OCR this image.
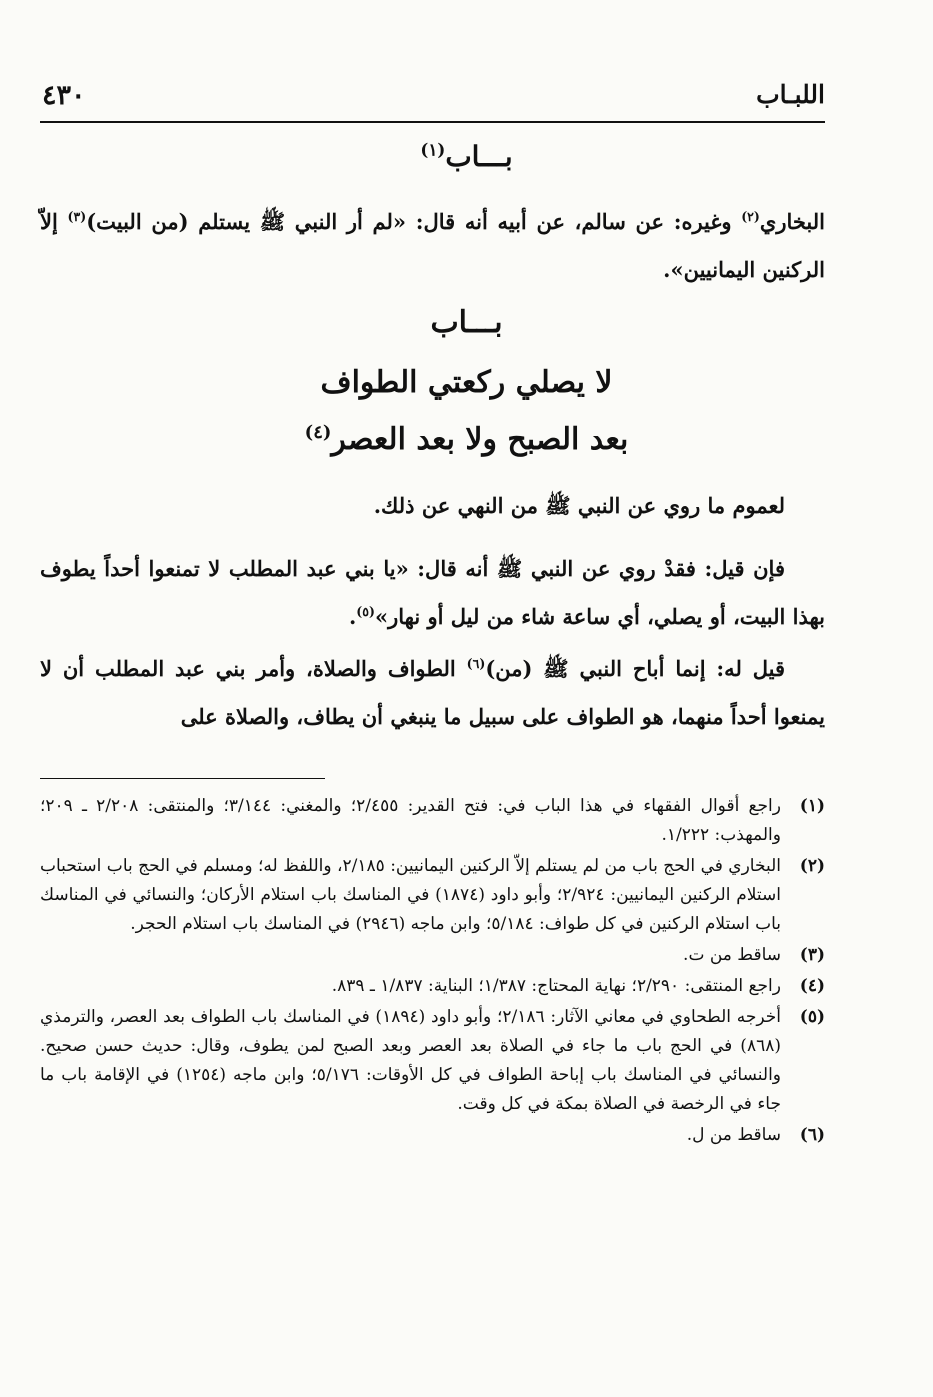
٤٣٠	اللبـاب
بـــاب$^{(١)}$

البخاري$^{(٢)}$ وغيره: عن سالم، عن أبيه أنه قال: «لم أر النبي ﷺ يستلم (من البيت)$^{(٣)}$ إلاّ الركنين اليمانيين».

بـــاب
لا يصلي ركعتي الطواف
بعد الصبح ولا بعد العصر$^{(٤)}$

لعموم ما روي عن النبي ﷺ من النهي عن ذلك.

فإن قيل: فقدْ روي عن النبي ﷺ أنه قال: «يا بني عبد المطلب لا تمنعوا أحداً يطوف بهذا البيت، أو يصلي، أي ساعة شاء من ليل أو نهار»$^{(٥)}$.

قيل له: إنما أباح النبي ﷺ (من)$^{(٦)}$ الطواف والصلاة، وأمر بني عبد المطلب أن لا يمنعوا أحداً منهما، هو الطواف على سبيل ما ينبغي أن يطاف، والصلاة على

(١)
راجع أقوال الفقهاء في هذا الباب في: فتح القدير: ٢/٤٥٥؛ والمغني: ٣/١٤٤؛ والمنتقى: ٢/٢٠٨ ـ ٢٠٩؛ والمهذب: ١/٢٢٢.
(٢)
البخاري في الحج باب من لم يستلم إلاّ الركنين اليمانيين: ٢/١٨٥، واللفظ له؛ ومسلم في الحج باب استحباب استلام الركنين اليمانيين: ٢/٩٢٤؛ وأبو داود (١٨٧٤) في المناسك باب استلام الأركان؛ والنسائي في المناسك باب استلام الركنين في كل طواف: ٥/١٨٤؛ وابن ماجه (٢٩٤٦) في المناسك باب استلام الحجر.
(٣)
ساقط من ت.
(٤)
راجع المنتقى: ٢/٢٩٠؛ نهاية المحتاج: ١/٣٨٧؛ البناية: ١/٨٣٧ ـ ٨٣٩.
(٥)
أخرجه الطحاوي في معاني الآثار: ٢/١٨٦؛ وأبو داود (١٨٩٤) في المناسك باب الطواف بعد العصر، والترمذي (٨٦٨) في الحج باب ما جاء في الصلاة بعد العصر وبعد الصبح لمن يطوف، وقال: حديث حسن صحيح. والنسائي في المناسك باب إباحة الطواف في كل الأوقات: ٥/١٧٦؛ وابن ماجه (١٢٥٤) في الإقامة باب ما جاء في الرخصة في الصلاة بمكة في كل وقت.
(٦)
ساقط من ل.
